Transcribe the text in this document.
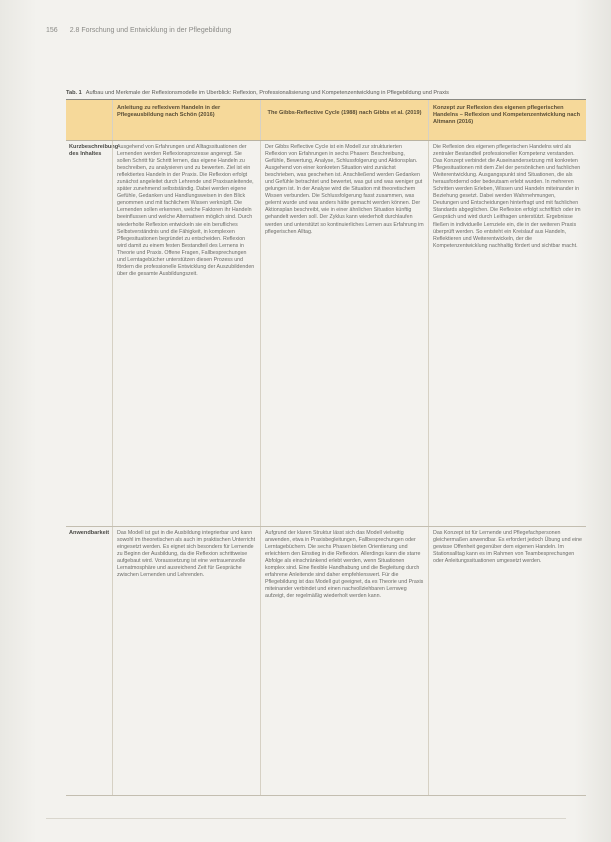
156 2.8 Forschung und Entwicklung in der Pflegebildung
Tab. 1 Aufbau und Merkmale der Reflexionsmodelle im Überblick: Reflexion, Professionalisierung und Kompetenzentwicklung in Pflegebildung und Praxis
Anleitung zu reflexivem Handeln in der Pflegeausbildung nach Schön (2016)	The Gibbs-Reflective Cycle (1988) nach Gibbs et al. (2019)
Konzept zur Reflexion des eigenen pflegerischen Handelns – Reflexion und Kompetenzentwicklung nach Altmann (2016)
Kurzbeschreibung des Inhaltes
Ausgehend von Erfahrungen und Alltagssituationen der Lernenden werden Reflexionsprozesse angeregt. Sie sollen Schritt für Schritt lernen, das eigene Handeln zu beschreiben, zu analysieren und zu bewerten. Ziel ist ein reflektiertes Handeln in der Praxis. Die Reflexion erfolgt zunächst angeleitet durch Lehrende und Praxisanleitende, später zunehmend selbstständig. Dabei werden eigene Gefühle, Gedanken und Handlungsweisen in den Blick genommen und mit fachlichem Wissen verknüpft. Die Lernenden sollen erkennen, welche Faktoren ihr Handeln beeinflussen und welche Alternativen möglich sind. Durch wiederholte Reflexion entwickeln sie ein berufliches Selbstverständnis und die Fähigkeit, in komplexen Pflegesituationen begründet zu entscheiden. Reflexion wird damit zu einem festen Bestandteil des Lernens in Theorie und Praxis. Offene Fragen, Fallbesprechungen und Lerntagebücher unterstützen diesen Prozess und fördern die professionelle Entwicklung der Auszubildenden über die gesamte Ausbildungszeit.
Der Gibbs Reflective Cycle ist ein Modell zur strukturierten Reflexion von Erfahrungen in sechs Phasen: Beschreibung, Gefühle, Bewertung, Analyse, Schlussfolgerung und Aktionsplan. Ausgehend von einer konkreten Situation wird zunächst beschrieben, was geschehen ist. Anschließend werden Gedanken und Gefühle betrachtet und bewertet, was gut und was weniger gut gelungen ist. In der Analyse wird die Situation mit theoretischem Wissen verbunden. Die Schlussfolgerung fasst zusammen, was gelernt wurde und was anders hätte gemacht werden können. Der Aktionsplan beschreibt, wie in einer ähnlichen Situation künftig gehandelt werden soll. Der Zyklus kann wiederholt durchlaufen werden und unterstützt so kontinuierliches Lernen aus Erfahrung im pflegerischen Alltag.
Die Reflexion des eigenen pflegerischen Handelns wird als zentraler Bestandteil professioneller Kompetenz verstanden. Das Konzept verbindet die Auseinandersetzung mit konkreten Pflegesituationen mit dem Ziel der persönlichen und fachlichen Weiterentwicklung. Ausgangspunkt sind Situationen, die als herausfordernd oder bedeutsam erlebt wurden. In mehreren Schritten werden Erleben, Wissen und Handeln miteinander in Beziehung gesetzt. Dabei werden Wahrnehmungen, Deutungen und Entscheidungen hinterfragt und mit fachlichen Standards abgeglichen. Die Reflexion erfolgt schriftlich oder im Gespräch und wird durch Leitfragen unterstützt. Ergebnisse fließen in individuelle Lernziele ein, die in der weiteren Praxis überprüft werden. So entsteht ein Kreislauf aus Handeln, Reflektieren und Weiterentwickeln, der die Kompetenzentwicklung nachhaltig fördert und sichtbar macht.
Anwendbarkeit	Das Modell ist gut in die Ausbildung integrierbar und kann sowohl im theoretischen als auch im praktischen Unterricht eingesetzt werden. Es eignet sich besonders für Lernende zu Beginn der Ausbildung, da die Reflexion schrittweise aufgebaut wird. Voraussetzung ist eine vertrauensvolle Lernatmosphäre und ausreichend Zeit für Gespräche zwischen Lernenden und Lehrenden.
Aufgrund der klaren Struktur lässt sich das Modell vielseitig anwenden, etwa in Praxisbegleitungen, Fallbesprechungen oder Lerntagebüchern. Die sechs Phasen bieten Orientierung und erleichtern den Einstieg in die Reflexion. Allerdings kann die starre Abfolge als einschränkend erlebt werden, wenn Situationen komplex sind. Eine flexible Handhabung und die Begleitung durch erfahrene Anleitende sind daher empfehlenswert. Für die Pflegebildung ist das Modell gut geeignet, da es Theorie und Praxis miteinander verbindet und einen nachvollziehbaren Lernweg aufzeigt, der regelmäßig wiederholt werden kann.
Das Konzept ist für Lernende und Pflegefachpersonen gleichermaßen anwendbar. Es erfordert jedoch Übung und eine gewisse Offenheit gegenüber dem eigenen Handeln. Im Stationsalltag kann es im Rahmen von Teambesprechungen oder Anleitungssituationen umgesetzt werden.
